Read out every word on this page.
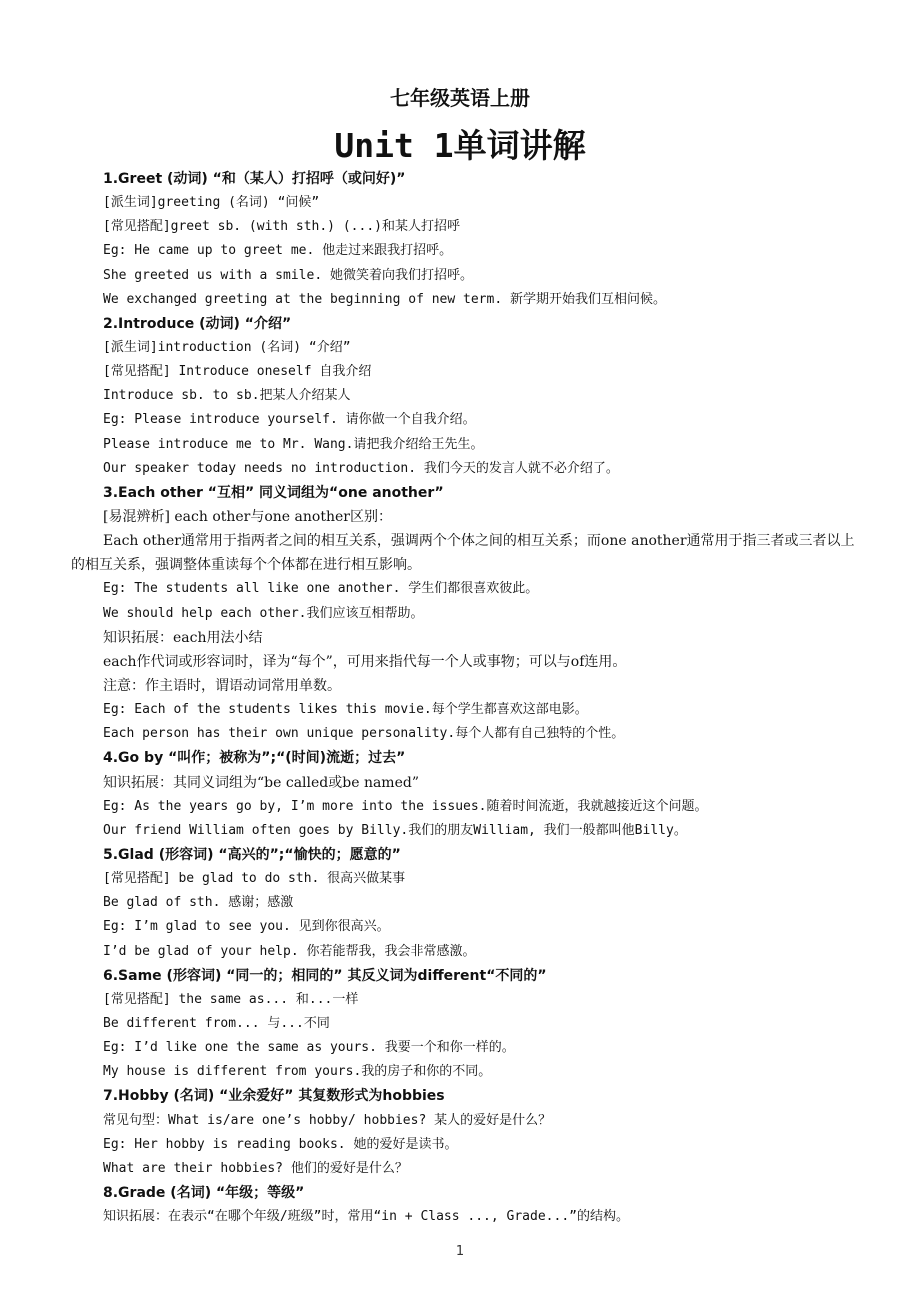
七年级英语上册
Unit 1单词讲解
1.Greet (动词) “和（某人）打招呼（或问好)”
[派生词]greeting (名词) “问候”
[常见搭配]greet sb. (with sth.) (...)和某人打招呼
Eg: He came up to greet me. 他走过来跟我打招呼。
She greeted us with a smile. 她微笑着向我们打招呼。
We exchanged greeting at the beginning of new term. 新学期开始我们互相问候。
2.Introduce (动词) “介绍”
[派生词]introduction (名词) “介绍”
[常见搭配] Introduce oneself 自我介绍
Introduce sb. to sb.把某人介绍某人
Eg: Please introduce yourself. 请你做一个自我介绍。
Please introduce me to Mr. Wang.请把我介绍给王先生。
Our speaker today needs no introduction. 我们今天的发言人就不必介绍了。
3.Each other “互相” 同义词组为“one another”
[易混辨析] each other与one another区别：
Each other通常用于指两者之间的相互关系，强调两个个体之间的相互关系；而one another通常用于指三者或三者以上的相互关系，强调整体重读每个个体都在进行相互影响。
Eg: The students all like one another. 学生们都很喜欢彼此。
We should help each other.我们应该互相帮助。
知识拓展：each用法小结
each作代词或形容词时，译为“每个”，可用来指代每一个人或事物；可以与of连用。
注意：作主语时，谓语动词常用单数。
Eg: Each of the students likes this movie.每个学生都喜欢这部电影。
Each person has their own unique personality.每个人都有自己独特的个性。
4.Go by “叫作；被称为”;“(时间)流逝；过去”
知识拓展：其同义词组为“be called或be named”
Eg: As the years go by, I’m more into the issues.随着时间流逝，我就越接近这个问题。
Our friend William often goes by Billy.我们的朋友William, 我们一般都叫他Billy。
5.Glad (形容词) “高兴的”;“愉快的；愿意的”
[常见搭配] be glad to do sth. 很高兴做某事
Be glad of sth. 感谢；感激
Eg: I’m glad to see you. 见到你很高兴。
I’d be glad of your help. 你若能帮我，我会非常感激。
6.Same (形容词) “同一的；相同的” 其反义词为different“不同的”
[常见搭配] the same as... 和...一样
Be different from... 与...不同
Eg: I’d like one the same as yours. 我要一个和你一样的。
My house is different from yours.我的房子和你的不同。
7.Hobby (名词) “业余爱好” 其复数形式为hobbies
常见句型：What is/are one’s hobby/ hobbies? 某人的爱好是什么？
Eg: Her hobby is reading books. 她的爱好是读书。
What are their hobbies? 他们的爱好是什么？
8.Grade (名词) “年级；等级”
知识拓展：在表示“在哪个年级/班级”时，常用“in + Class ..., Grade...”的结构。
1
